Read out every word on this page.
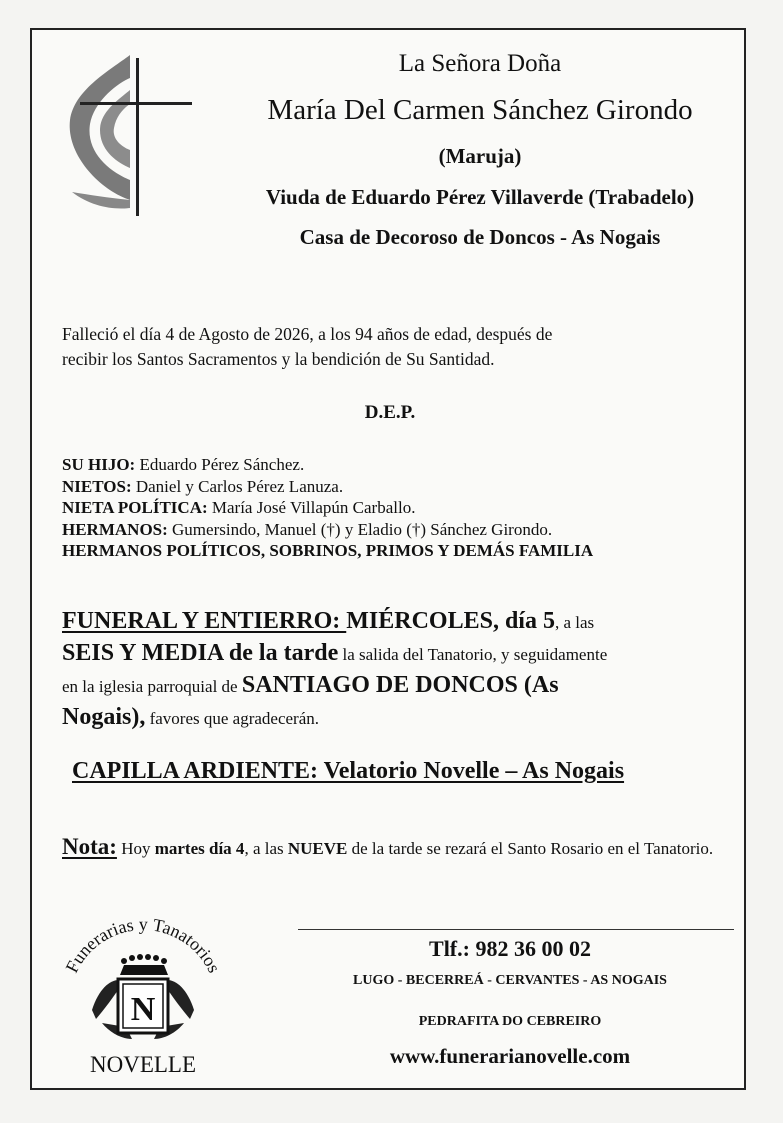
La Señora Doña
María Del Carmen Sánchez Girondo
(Maruja)
Viuda de Eduardo Pérez Villaverde (Trabadelo)
Casa de Decoroso de Doncos - As Nogais
Falleció el día 4 de Agosto de 2026, a los 94 años de edad, después de
recibir los Santos Sacramentos y la bendición de Su Santidad.
D.E.P.
SU HIJO: Eduardo Pérez Sánchez.
NIETOS: Daniel y Carlos Pérez Lanuza.
NIETA POLÍTICA: María José Villapún Carballo.
HERMANOS: Gumersindo, Manuel (†) y Eladio (†) Sánchez Girondo.
HERMANOS POLÍTICOS, SOBRINOS, PRIMOS Y DEMÁS FAMILIA
FUNERAL Y ENTIERRO: MIÉRCOLES, día 5, a las
SEIS Y MEDIA de la tarde la salida del Tanatorio, y seguidamente
en la iglesia parroquial de SANTIAGO DE DONCOS (As
Nogais), favores que agradecerán.
CAPILLA ARDIENTE: Velatorio Novelle – As Nogais
Nota: Hoy martes día 4, a las NUEVE de la tarde se rezará el Santo Rosario en el Tanatorio.
Funerarias y Tanatorios
N
NOVELLE
Tlf.: 982 36 00 02
LUGO - BECERREÁ - CERVANTES - AS NOGAIS
PEDRAFITA DO CEBREIRO
www.funerarianovelle.com
